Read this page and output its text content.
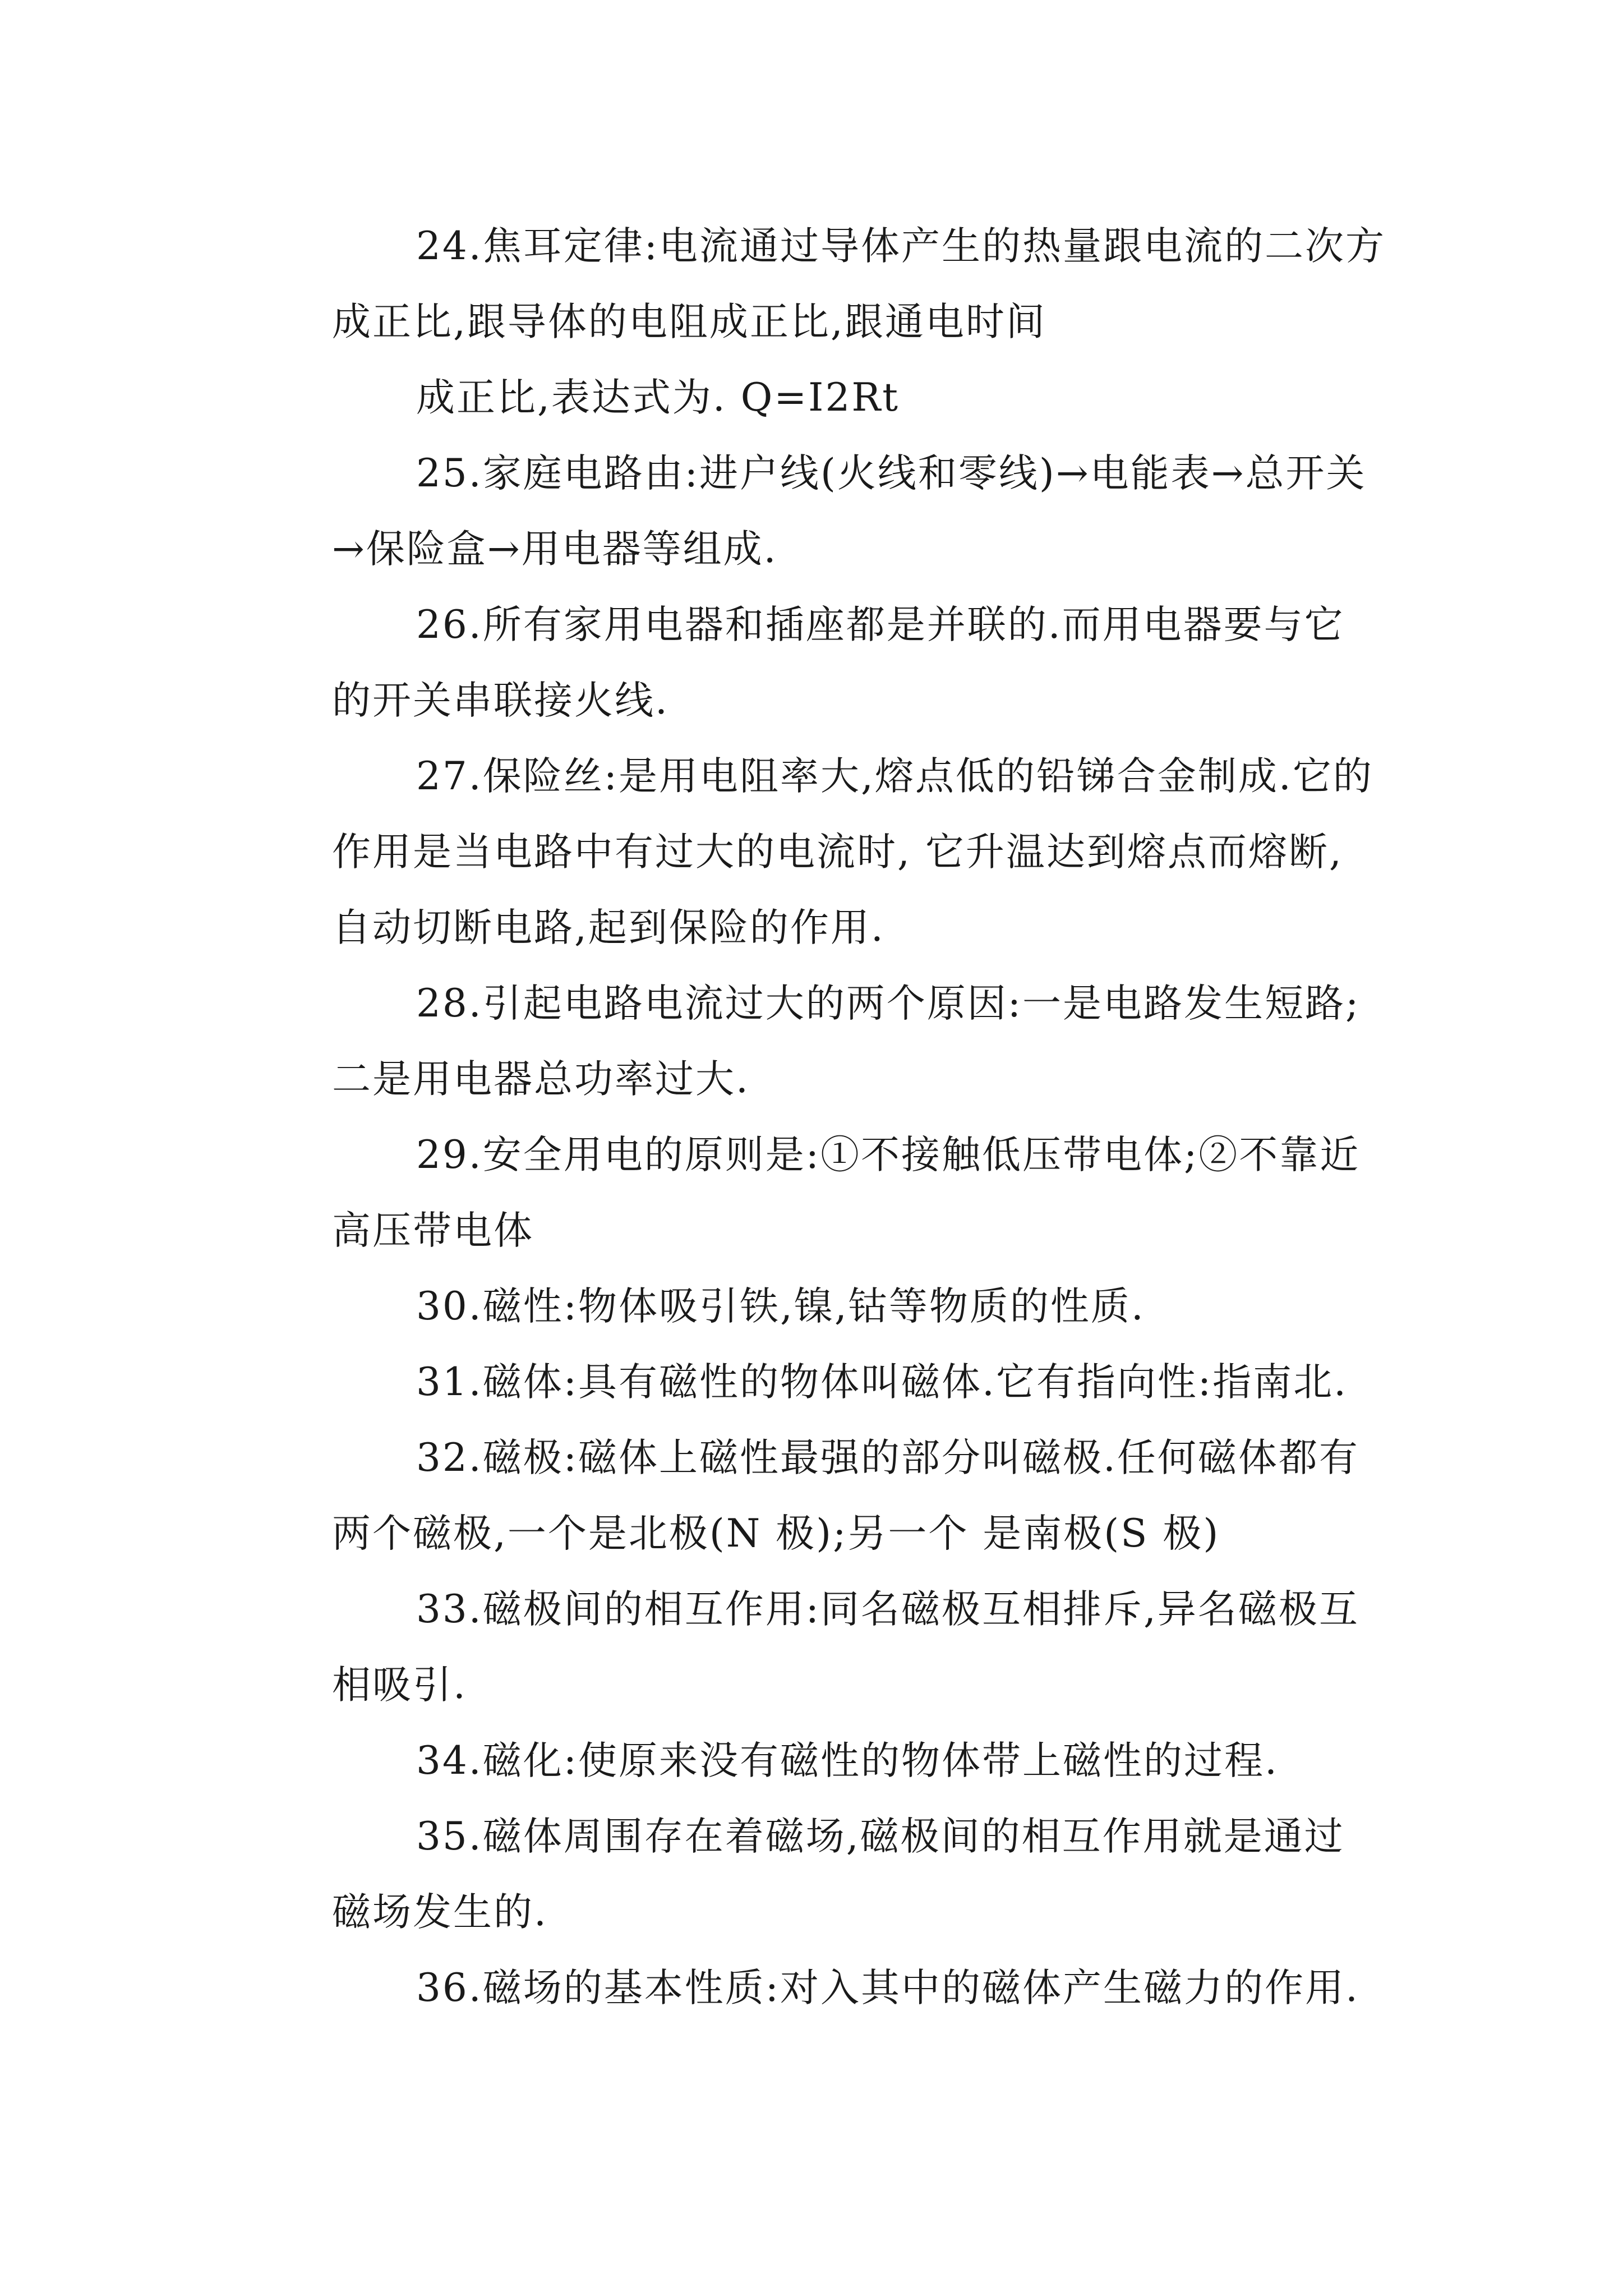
24.焦耳定律:电流通过导体产生的热量跟电流的二次方
成正比,跟导体的电阻成正比,跟通电时间

成正比,表达式为. Q=I2Rt

25.家庭电路由:进户线(火线和零线)→电能表→总开关
→保险盒→用电器等组成.

26.所有家用电器和插座都是并联的.而用电器要与它
的开关串联接火线.

27.保险丝:是用电阻率大,熔点低的铅锑合金制成.它的
作用是当电路中有过大的电流时, 它升温达到熔点而熔断,
自动切断电路,起到保险的作用.

28.引起电路电流过大的两个原因:一是电路发生短路;
二是用电器总功率过大.

29.安全用电的原则是:①不接触低压带电体;②不靠近
高压带电体

30.磁性:物体吸引铁,镍,钴等物质的性质.

31.磁体:具有磁性的物体叫磁体.它有指向性:指南北.

32.磁极:磁体上磁性最强的部分叫磁极.任何磁体都有
两个磁极,一个是北极(N 极);另一个 是南极(S 极)

33.磁极间的相互作用:同名磁极互相排斥,异名磁极互
相吸引.

34.磁化:使原来没有磁性的物体带上磁性的过程.

35.磁体周围存在着磁场,磁极间的相互作用就是通过
磁场发生的.

36.磁场的基本性质:对入其中的磁体产生磁力的作用.
